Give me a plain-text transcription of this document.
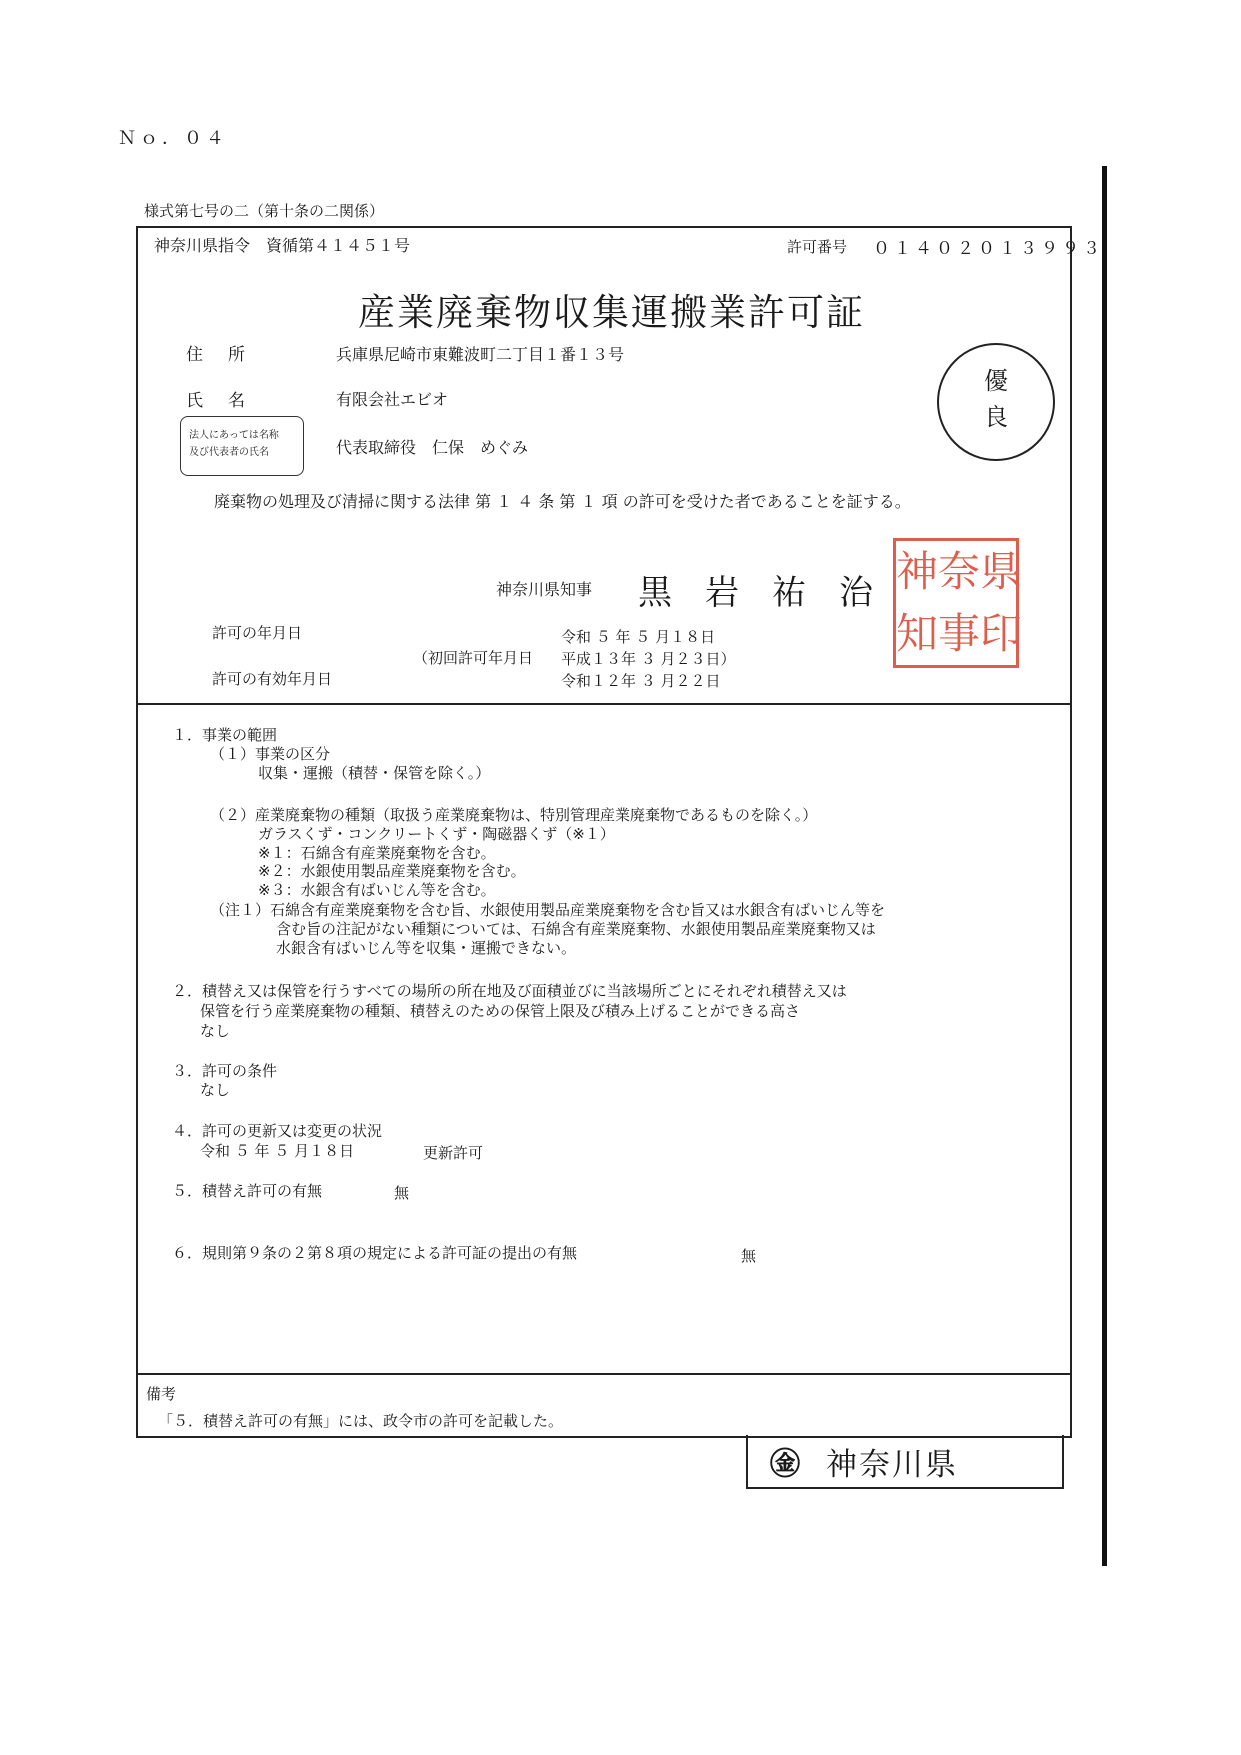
Ｎｏ．０４
様式第七号の二（第十条の二関係）
神奈川県指令　資循第４１４５１号	許可番号 ０１４０２０１３９９３
産業廃棄物収集運搬業許可証
住　所	兵庫県尼崎市東難波町二丁目１番１３号
氏　名	有限会社エビオ
法人にあっては名称
及び代表者の氏名	代表取締役　仁保　めぐみ
優
良
廃棄物の処理及び清掃に関する法律 第 １ ４ 条 第 １ 項 の許可を受けた者であることを証する。
神奈川県知事 黒岩祐治
神 奈 県
知 事 印
許可の年月日	令和 ５ 年 ５ 月１８日
（初回許可年月日 平成１３年 ３ 月２３日）
許可の有効年月日	令和１２年 ３ 月２２日
１．事業の範囲
（１）事業の区分
収集・運搬（積替・保管を除く。）
（２）産業廃棄物の種類（取扱う産業廃棄物は、特別管理産業廃棄物であるものを除く。）
ガラスくず・コンクリートくず・陶磁器くず（※１）
※１：石綿含有産業廃棄物を含む。
※２：水銀使用製品産業廃棄物を含む。
※３：水銀含有ばいじん等を含む。
（注１）石綿含有産業廃棄物を含む旨、水銀使用製品産業廃棄物を含む旨又は水銀含有ばいじん等を
含む旨の注記がない種類については、石綿含有産業廃棄物、水銀使用製品産業廃棄物又は
水銀含有ばいじん等を収集・運搬できない。
２．積替え又は保管を行うすべての場所の所在地及び面積並びに当該場所ごとにそれぞれ積替え又は
保管を行う産業廃棄物の種類、積替えのための保管上限及び積み上げることができる高さ
なし
３．許可の条件
なし
４．許可の更新又は変更の状況
令和 ５ 年 ５ 月１８日	更新許可
５．積替え許可の有無	無
６．規則第９条の２第８項の規定による許可証の提出の有無	無
備考
「５．積替え許可の有無」には、政令市の許可を記載した。
㊎ 神奈川県
